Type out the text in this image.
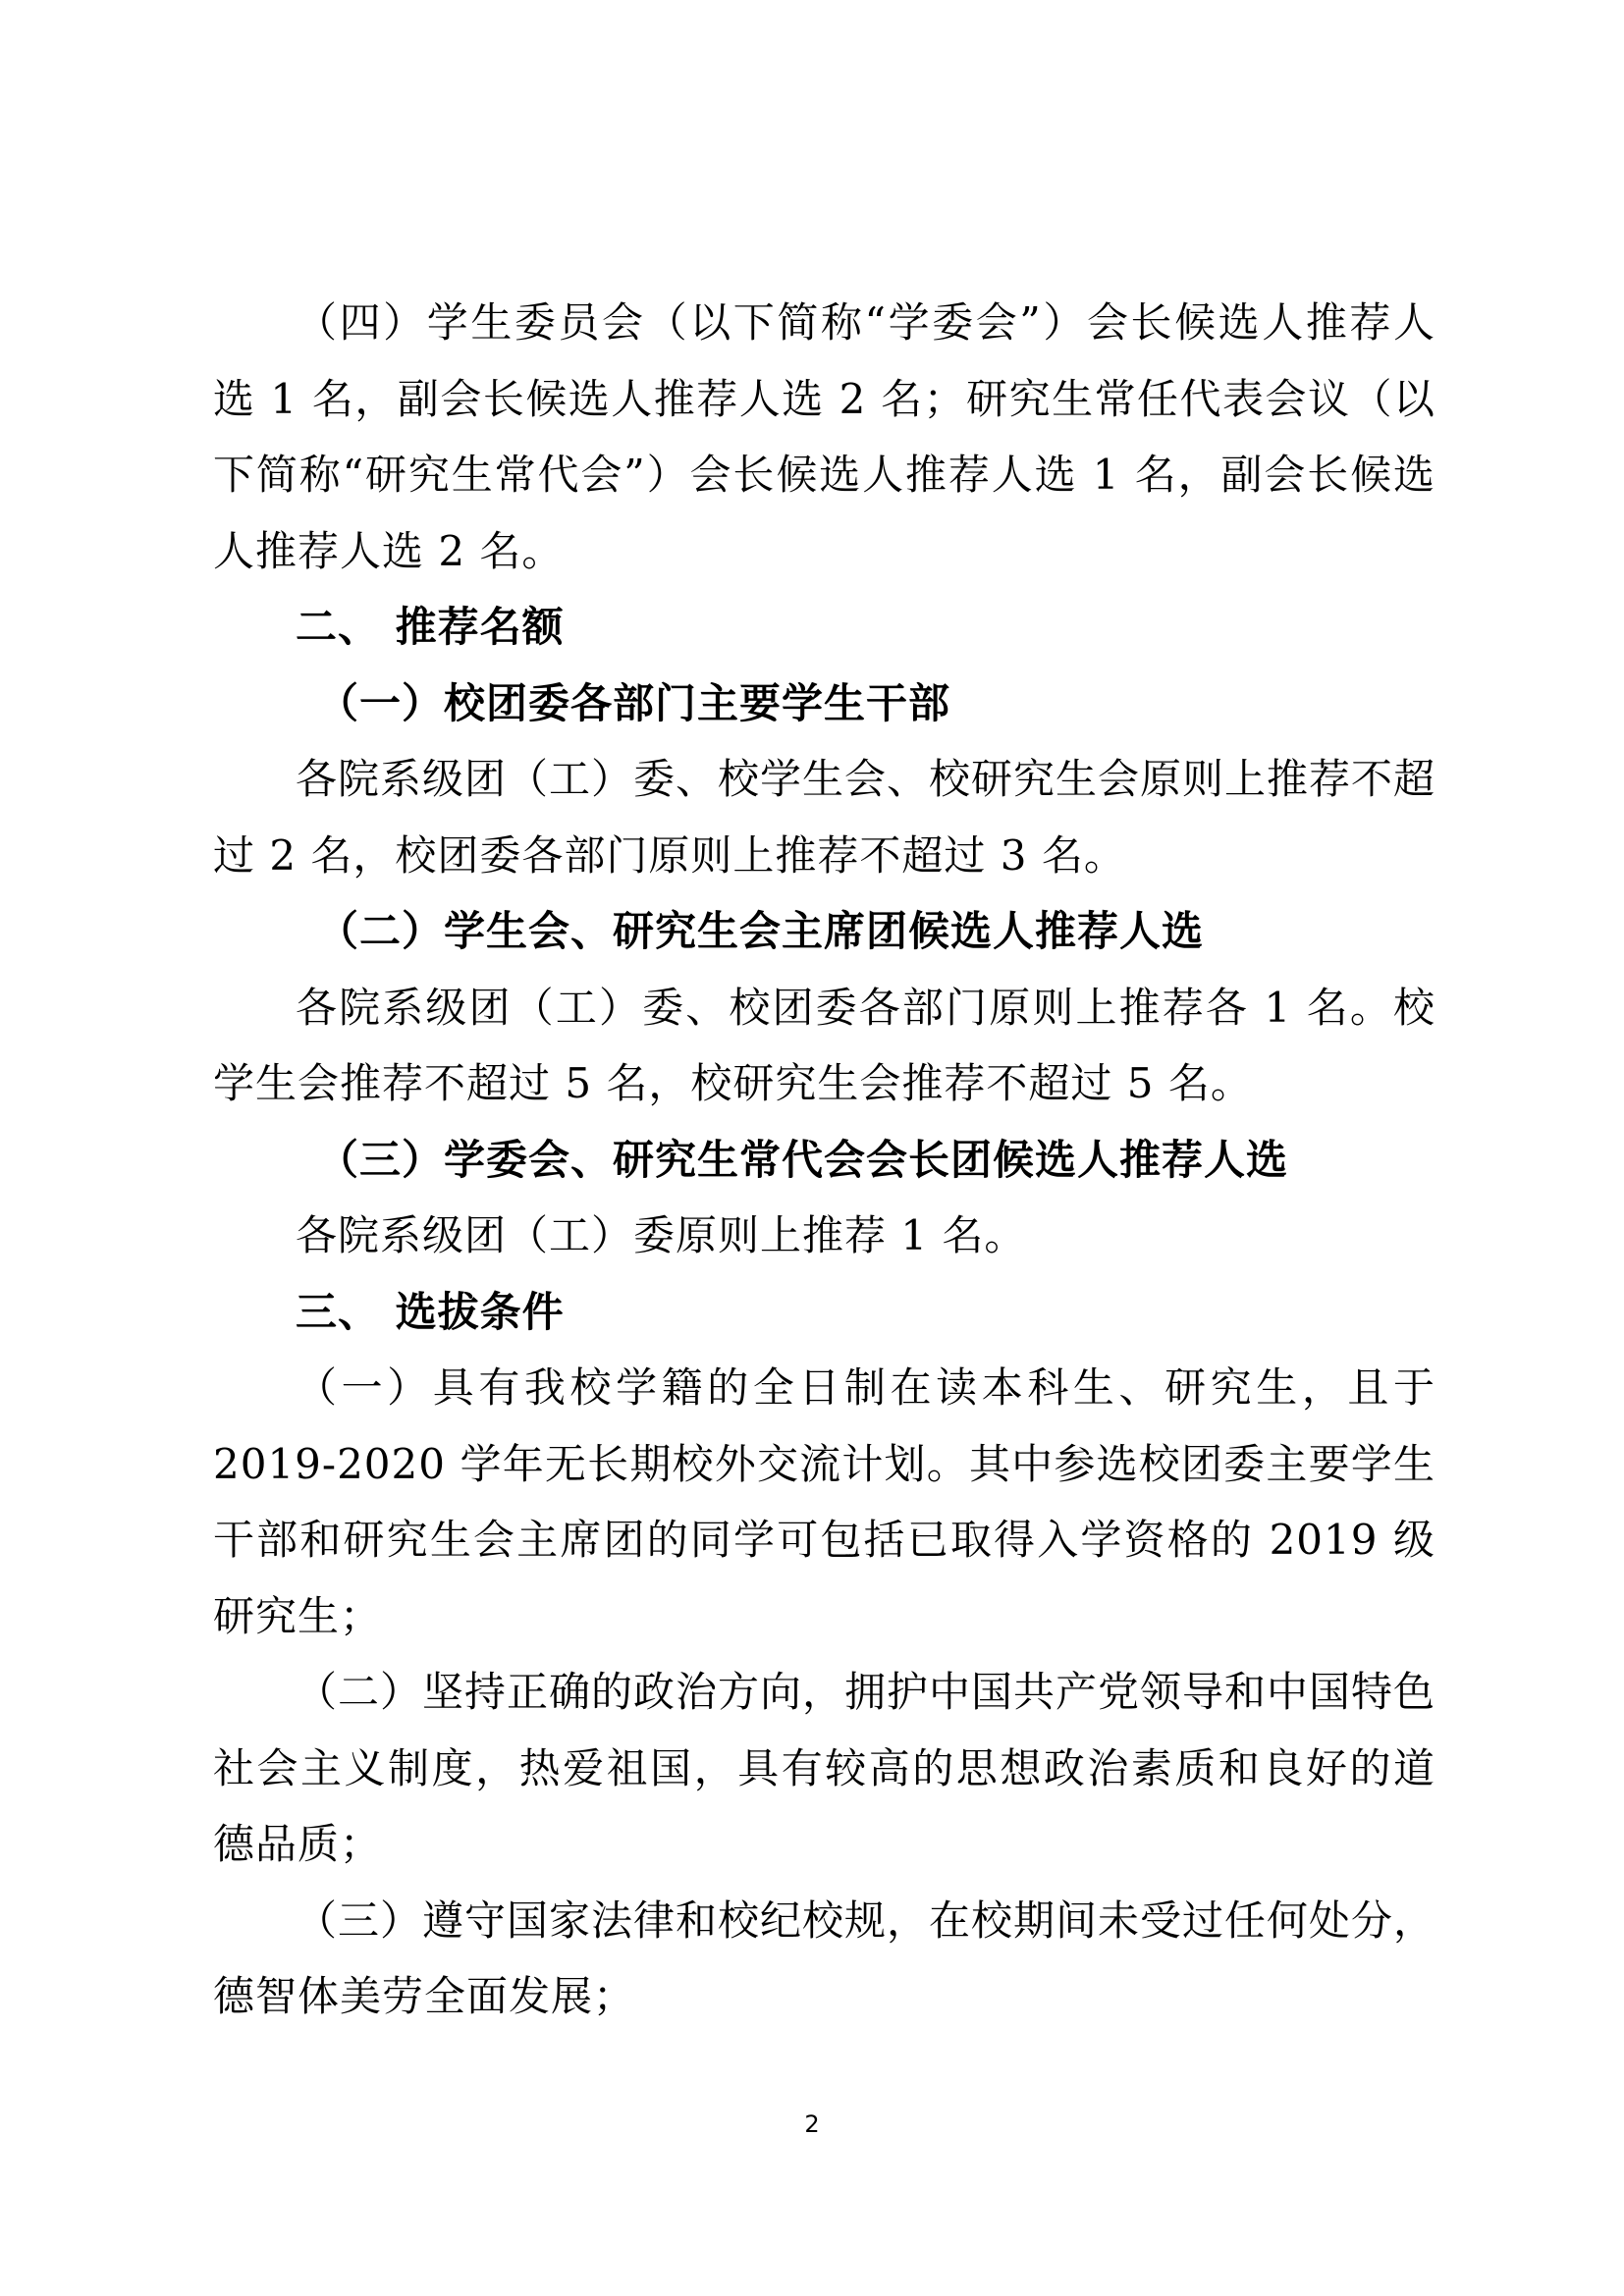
（四）学生委员会（以下简称“学委会”）会长候选人推荐人选 1 名，副会长候选人推荐人选 2 名；研究生常任代表会议（以下简称“研究生常代会”）会长候选人推荐人选 1 名，副会长候选人推荐人选 2 名。

二、 推荐名额

（一）校团委各部门主要学生干部

各院系级团（工）委、校学生会、校研究生会原则上推荐不超过 2 名，校团委各部门原则上推荐不超过 3 名。

（二）学生会、研究生会主席团候选人推荐人选

各院系级团（工）委、校团委各部门原则上推荐各 1 名。校学生会推荐不超过 5 名，校研究生会推荐不超过 5 名。

（三）学委会、研究生常代会会长团候选人推荐人选

各院系级团（工）委原则上推荐 1 名。

三、 选拔条件

（一）具有我校学籍的全日制在读本科生、研究生，且于 2019-2020 学年无长期校外交流计划。其中参选校团委主要学生干部和研究生会主席团的同学可包括已取得入学资格的 2019 级研究生；

（二）坚持正确的政治方向，拥护中国共产党领导和中国特色社会主义制度，热爱祖国，具有较高的思想政治素质和良好的道德品质；

（三）遵守国家法律和校纪校规，在校期间未受过任何处分，德智体美劳全面发展；

2
